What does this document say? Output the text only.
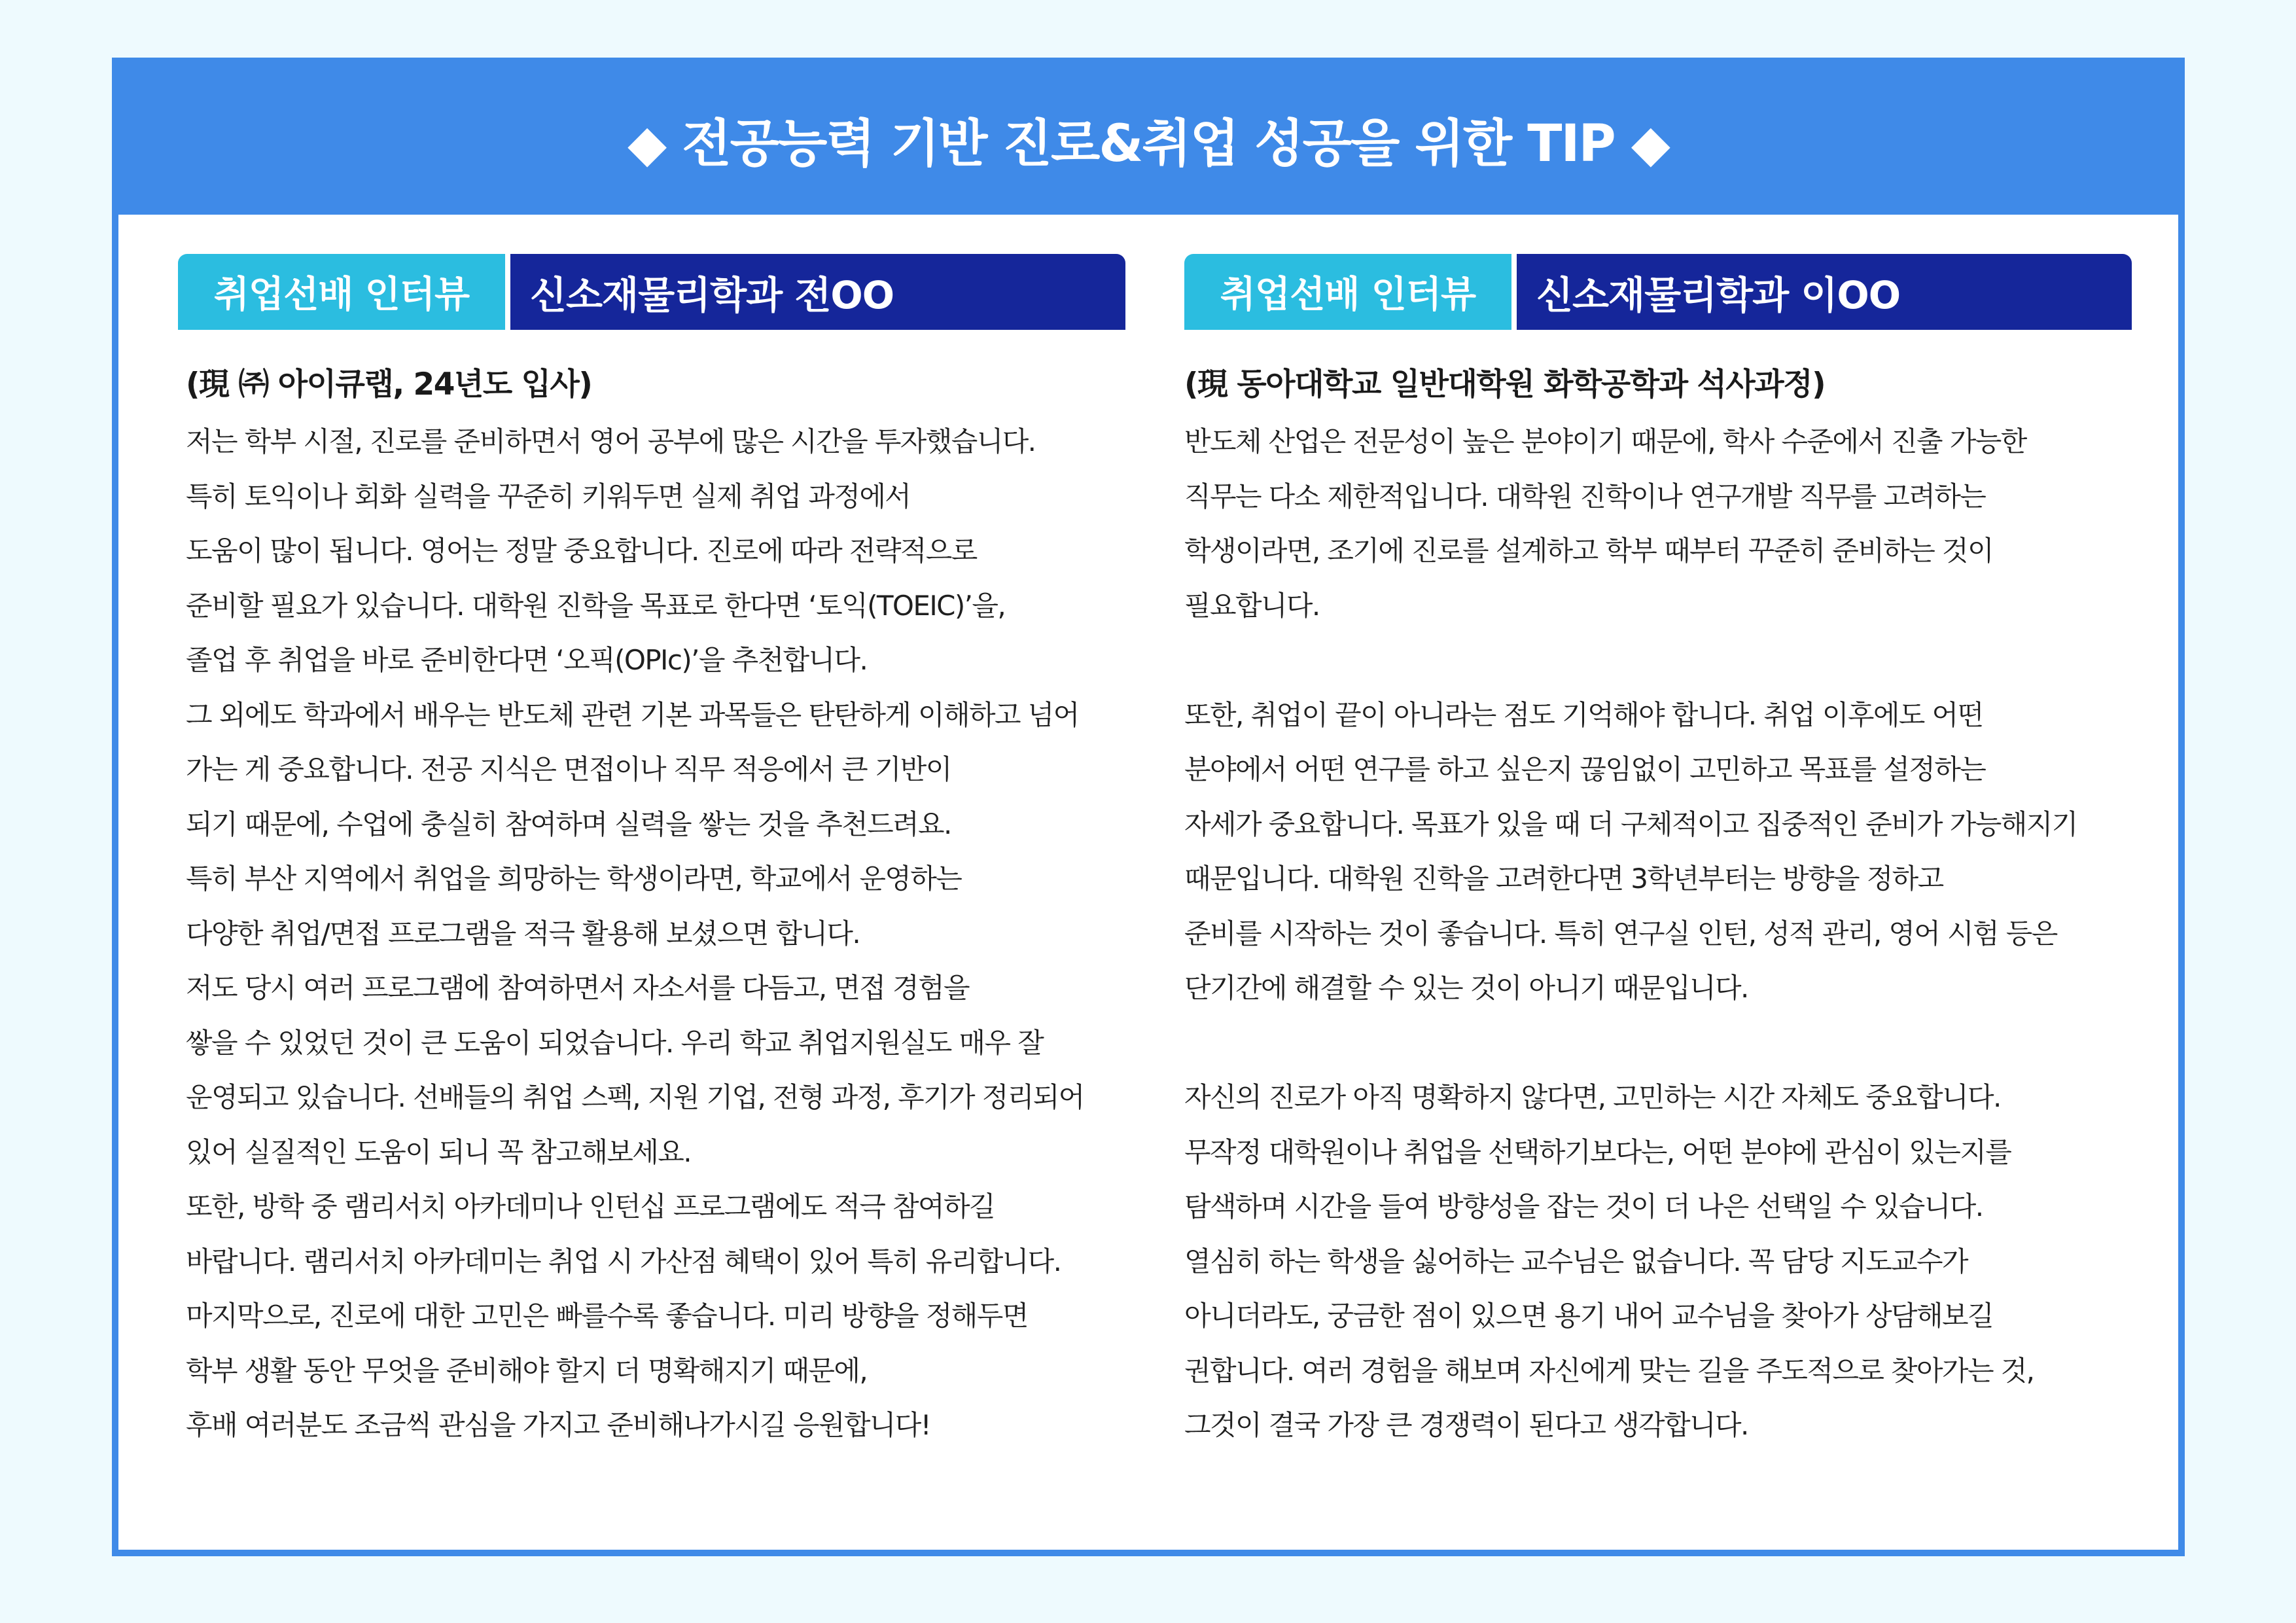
◆ 전공능력 기반 진로&취업 성공을 위한 TIP ◆
취업선배 인터뷰	신소재물리학과 전OO
(現 ㈜ 아이큐랩, 24년도 입사)
저는 학부 시절, 진로를 준비하면서 영어 공부에 많은 시간을 투자했습니다.
특히 토익이나 회화 실력을 꾸준히 키워두면 실제 취업 과정에서
도움이 많이 됩니다. 영어는 정말 중요합니다. 진로에 따라 전략적으로
준비할 필요가 있습니다. 대학원 진학을 목표로 한다면 ‘토익(TOEIC)’을,
졸업 후 취업을 바로 준비한다면 ‘오픽(OPIc)’을 추천합니다.
그 외에도 학과에서 배우는 반도체 관련 기본 과목들은 탄탄하게 이해하고 넘어
가는 게 중요합니다. 전공 지식은 면접이나 직무 적응에서 큰 기반이
되기 때문에, 수업에 충실히 참여하며 실력을 쌓는 것을 추천드려요.
특히 부산 지역에서 취업을 희망하는 학생이라면, 학교에서 운영하는
다양한 취업/면접 프로그램을 적극 활용해 보셨으면 합니다.
저도 당시 여러 프로그램에 참여하면서 자소서를 다듬고, 면접 경험을
쌓을 수 있었던 것이 큰 도움이 되었습니다. 우리 학교 취업지원실도 매우 잘
운영되고 있습니다. 선배들의 취업 스펙, 지원 기업, 전형 과정, 후기가 정리되어
있어 실질적인 도움이 되니 꼭 참고해보세요.
또한, 방학 중 램리서치 아카데미나 인턴십 프로그램에도 적극 참여하길
바랍니다. 램리서치 아카데미는 취업 시 가산점 혜택이 있어 특히 유리합니다.
마지막으로, 진로에 대한 고민은 빠를수록 좋습니다. 미리 방향을 정해두면
학부 생활 동안 무엇을 준비해야 할지 더 명확해지기 때문에,
후배 여러분도 조금씩 관심을 가지고 준비해나가시길 응원합니다!
취업선배 인터뷰	신소재물리학과 이OO
(現 동아대학교 일반대학원 화학공학과 석사과정)
반도체 산업은 전문성이 높은 분야이기 때문에, 학사 수준에서 진출 가능한
직무는 다소 제한적입니다. 대학원 진학이나 연구개발 직무를 고려하는
학생이라면, 조기에 진로를 설계하고 학부 때부터 꾸준히 준비하는 것이
필요합니다.
또한, 취업이 끝이 아니라는 점도 기억해야 합니다. 취업 이후에도 어떤
분야에서 어떤 연구를 하고 싶은지 끊임없이 고민하고 목표를 설정하는
자세가 중요합니다. 목표가 있을 때 더 구체적이고 집중적인 준비가 가능해지기
때문입니다. 대학원 진학을 고려한다면 3학년부터는 방향을 정하고
준비를 시작하는 것이 좋습니다. 특히 연구실 인턴, 성적 관리, 영어 시험 등은
단기간에 해결할 수 있는 것이 아니기 때문입니다.
자신의 진로가 아직 명확하지 않다면, 고민하는 시간 자체도 중요합니다.
무작정 대학원이나 취업을 선택하기보다는, 어떤 분야에 관심이 있는지를
탐색하며 시간을 들여 방향성을 잡는 것이 더 나은 선택일 수 있습니다.
열심히 하는 학생을 싫어하는 교수님은 없습니다. 꼭 담당 지도교수가
아니더라도, 궁금한 점이 있으면 용기 내어 교수님을 찾아가 상담해보길
권합니다. 여러 경험을 해보며 자신에게 맞는 길을 주도적으로 찾아가는 것,
그것이 결국 가장 큰 경쟁력이 된다고 생각합니다.
